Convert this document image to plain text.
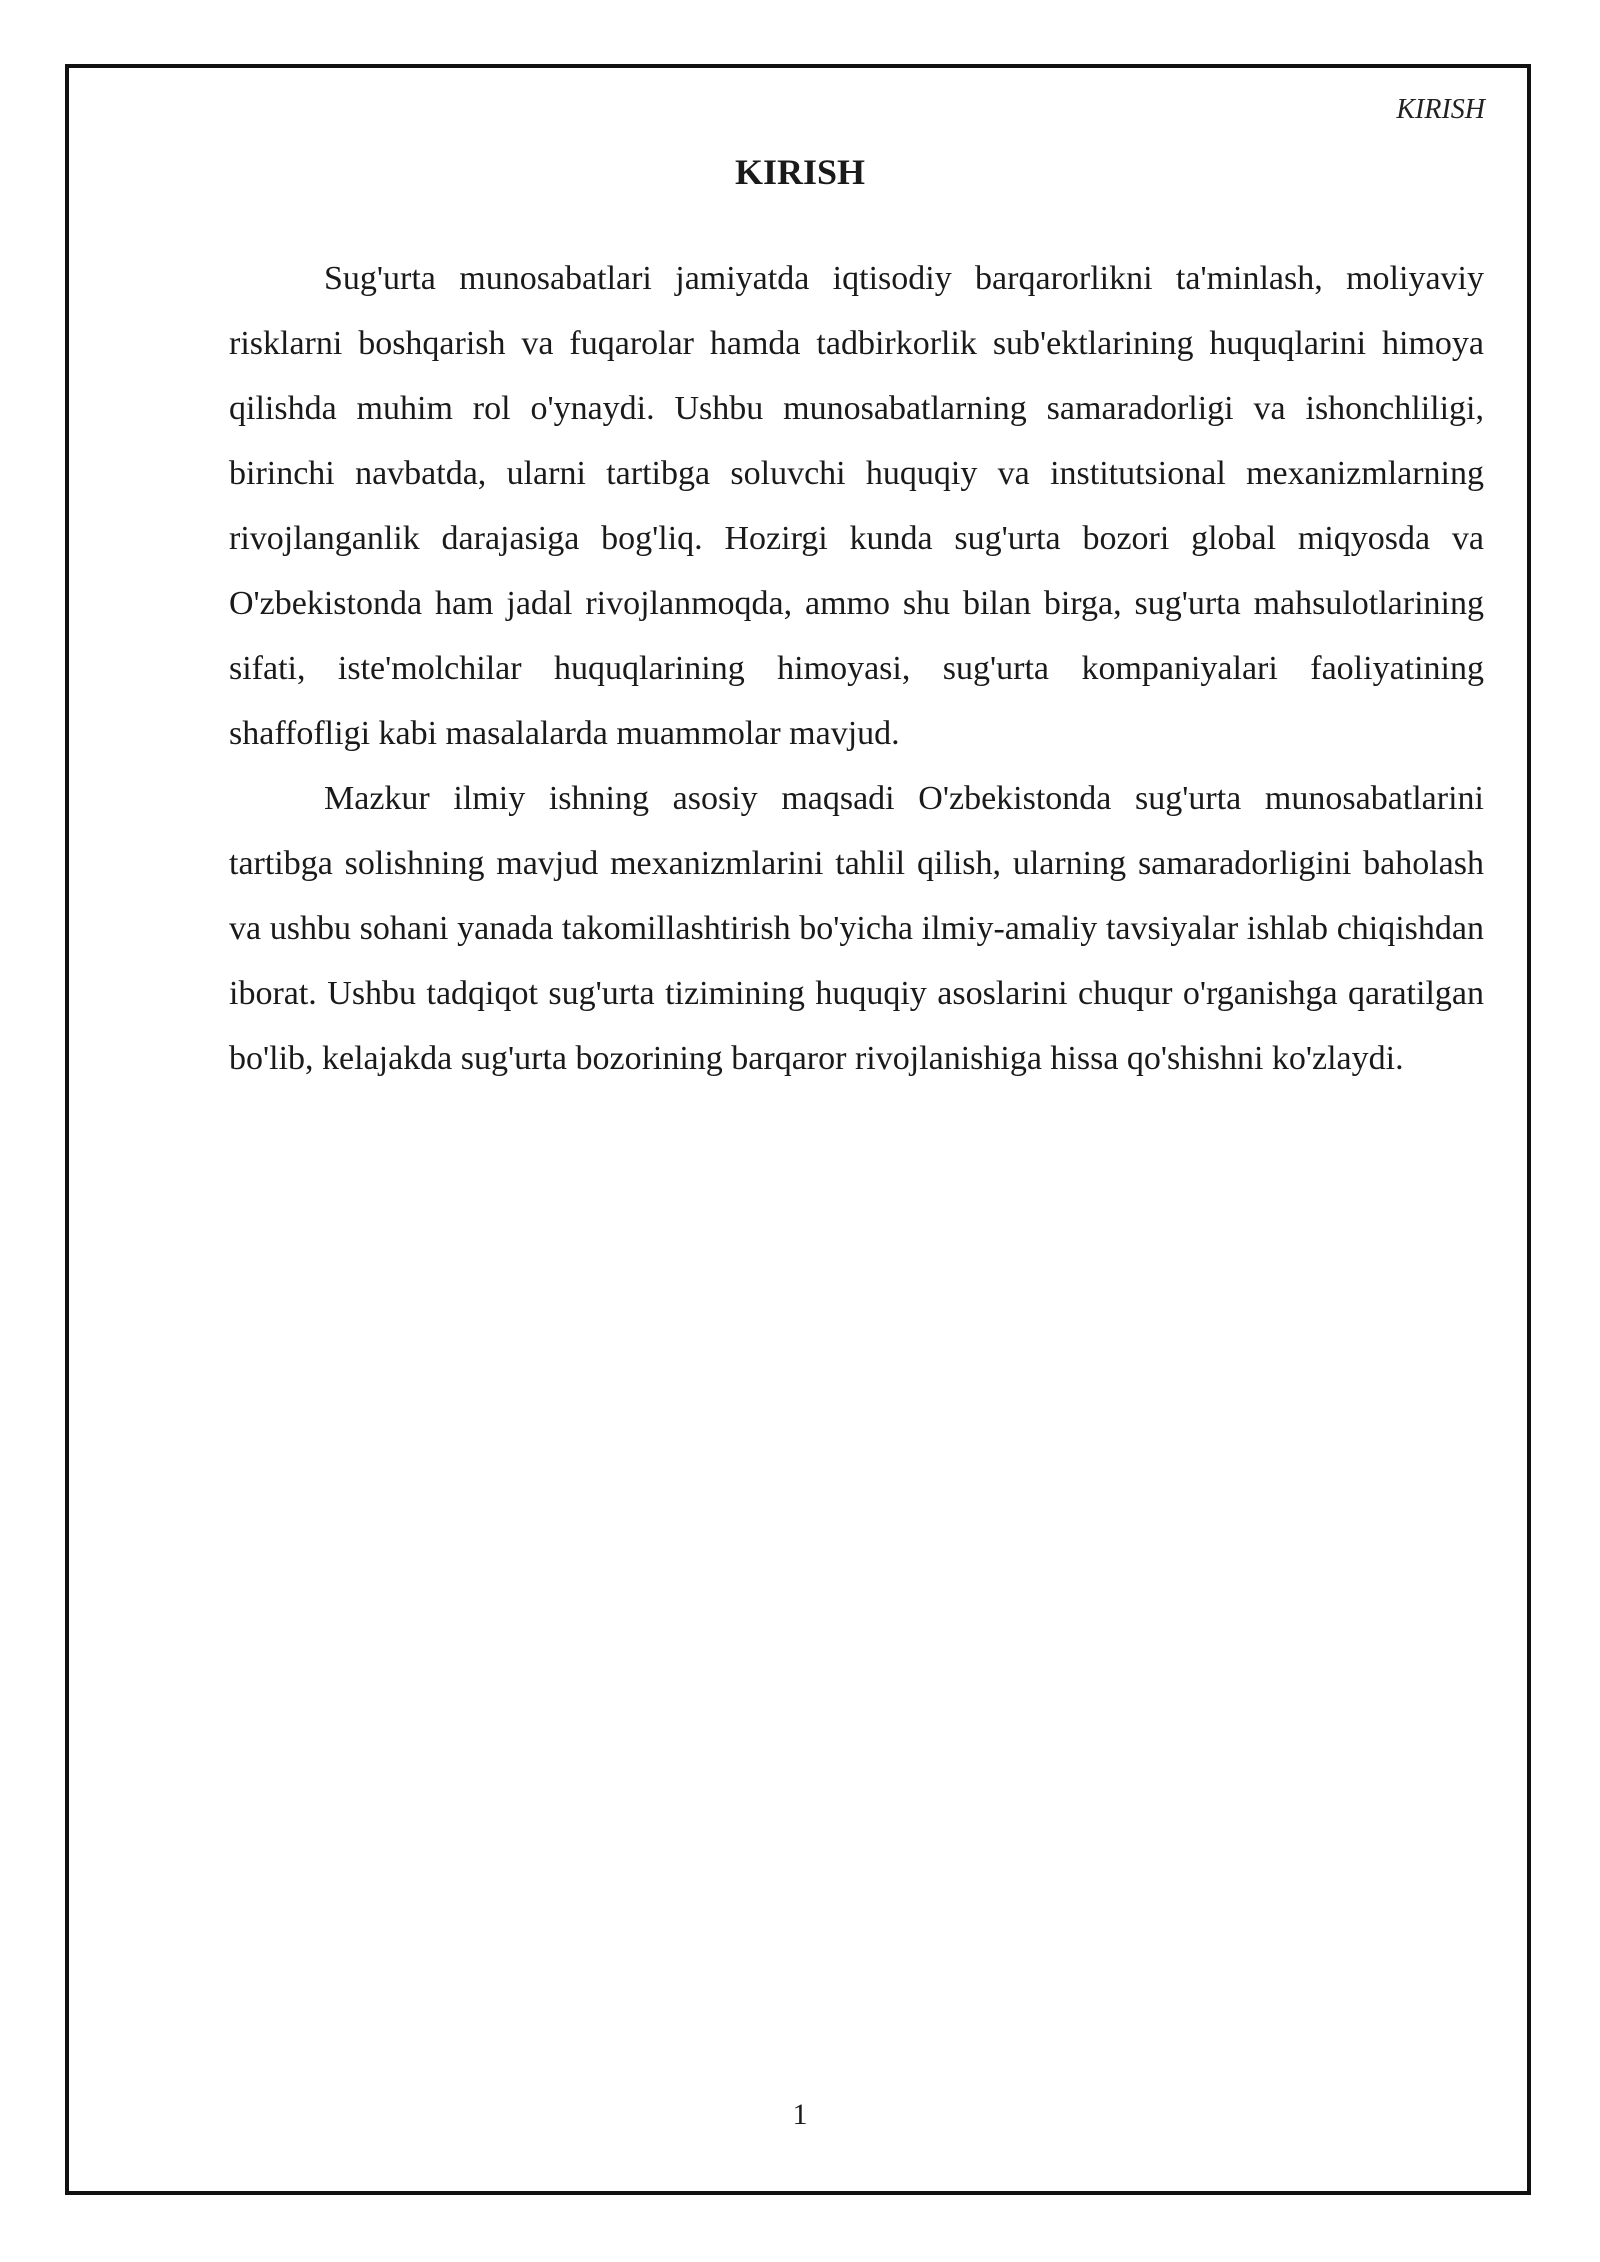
KIRISH
KIRISH

Sug'urta munosabatlari jamiyatda iqtisodiy barqarorlikni ta'minlash, moliyaviy risklarni boshqarish va fuqarolar hamda tadbirkorlik sub'ektlarining huquqlarini himoya qilishda muhim rol o'ynaydi. Ushbu munosabatlarning samaradorligi va ishonchliligi, birinchi navbatda, ularni tartibga soluvchi huquqiy va institutsional mexanizmlarning rivojlanganlik darajasiga bog'liq. Hozirgi kunda sug'urta bozori global miqyosda va O'zbekistonda ham jadal rivojlanmoqda, ammo shu bilan birga, sug'urta mahsulotlarining sifati, iste'molchilar huquqlarining himoyasi, sug'urta kompaniyalari faoliyatining shaffofligi kabi masalalarda muammolar mavjud.

Mazkur ilmiy ishning asosiy maqsadi O'zbekistonda sug'urta munosabatlarini tartibga solishning mavjud mexanizmlarini tahlil qilish, ularning samaradorligini baholash va ushbu sohani yanada takomillashtirish bo'yicha ilmiy-amaliy tavsiyalar ishlab chiqishdan iborat. Ushbu tadqiqot sug'urta tizimining huquqiy asoslarini chuqur o'rganishga qaratilgan bo'lib, kelajakda sug'urta bozorining barqaror rivojlanishiga hissa qo'shishni ko'zlaydi.

1
